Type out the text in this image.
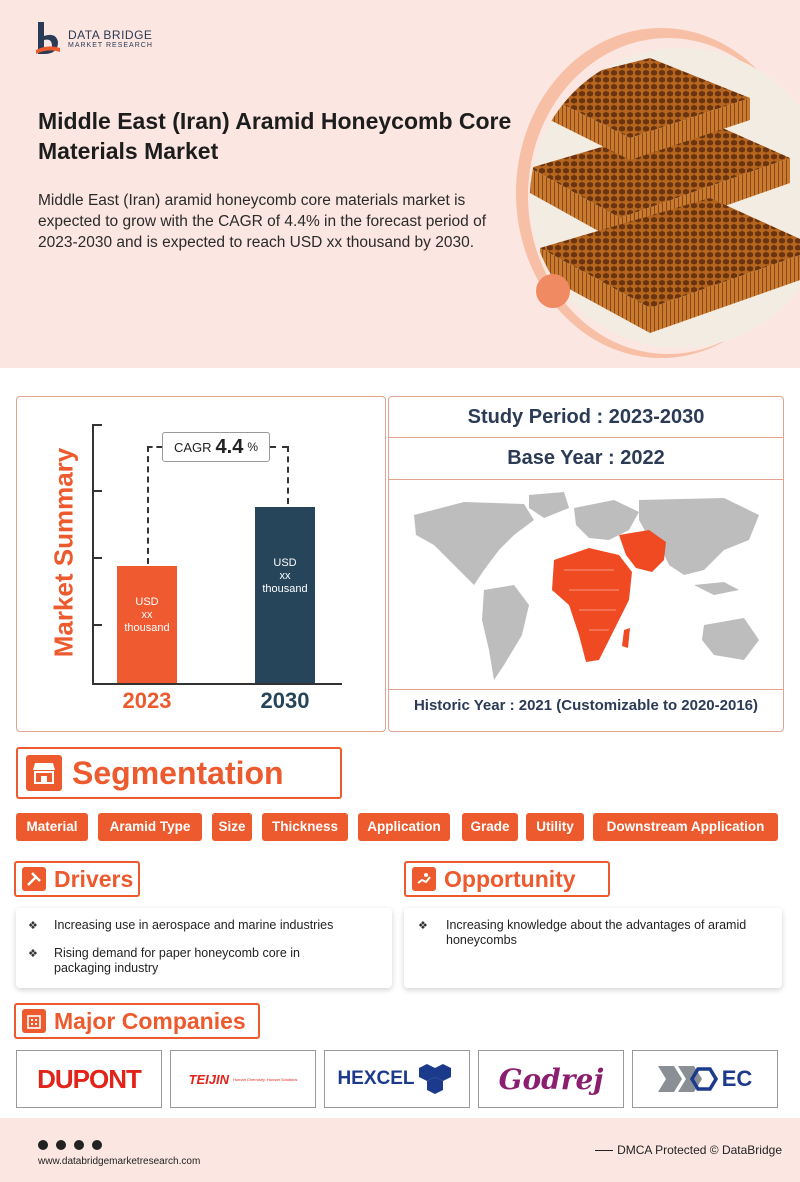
DATA BRIDGE
MARKET RESEARCH
Middle East (Iran) Aramid Honeycomb Core Materials Market
Middle East (Iran) aramid honeycomb core materials market is expected to grow with the CAGR of 4.4% in the forecast period of 2023-2030 and is expected to reach USD xx thousand by 2030.
Market Summary
CAGR 4.4 %
USD
xx
thousand
2023
USD
xx
thousand
2030
Study Period : 2023-2030
Base Year : 2022
Historic Year : 2021 (Customizable to 2020-2016)
Segmentation
Material	Aramid Type	Size	Thickness	Application	Grade	Utility	Downstream Application
Drivers
❖ Increasing use in aerospace and marine industries
❖ Rising demand for paper honeycomb core in packaging industry
Opportunity
❖ Increasing knowledge about the advantages of aramid honeycombs
Major Companies
DUPONT	TEIJIN Human Chemistry, Human Solutions HEXCEL	Godrej	EC
www.databridgemarketresearch.com
DMCA Protected © DataBridge
